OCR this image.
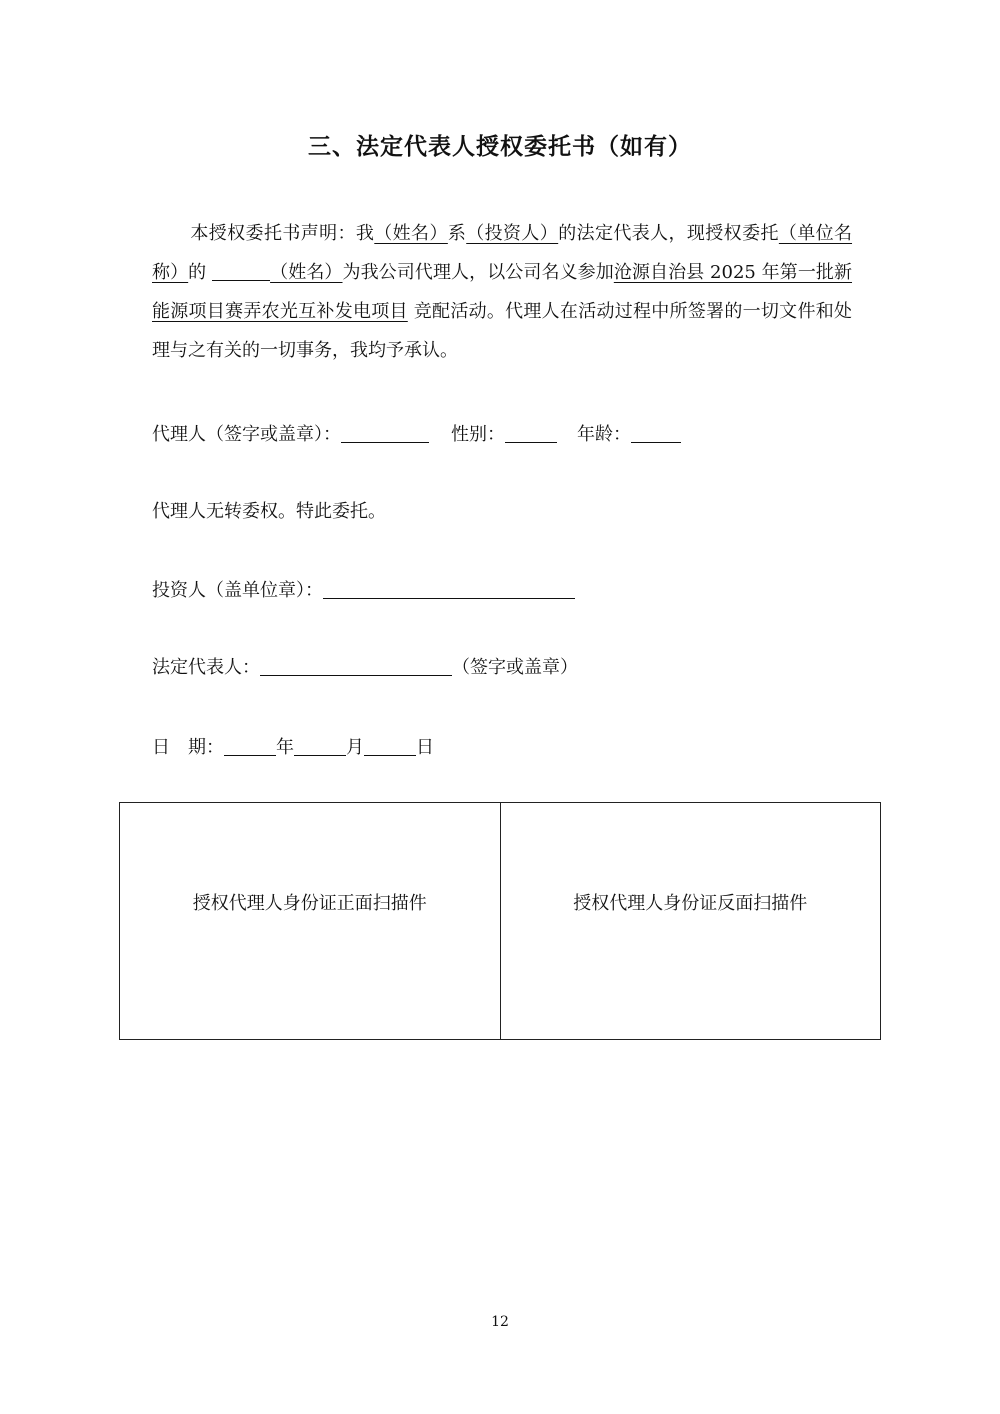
三、法定代表人授权委托书（如有）
本授权委托书声明：我（姓名）系（投资人）的法定代表人，现授权委托（单位名称）的	（姓名）为我公司代理人，以公司名义参加沧源自治县 2025 年第一批新能源项目赛弄农光互补发电项目 竞配活动。代理人在活动过程中所签署的一切文件和处理与之有关的一切事务，我均予承认。
代理人（签字或盖章）：	性别：	年龄：
代理人无转委权。特此委托。
投资人（盖单位章）：
法定代表人：	（签字或盖章）
日　期：	年	月	日
授权代理人身份证正面扫描件	授权代理人身份证反面扫描件
12
